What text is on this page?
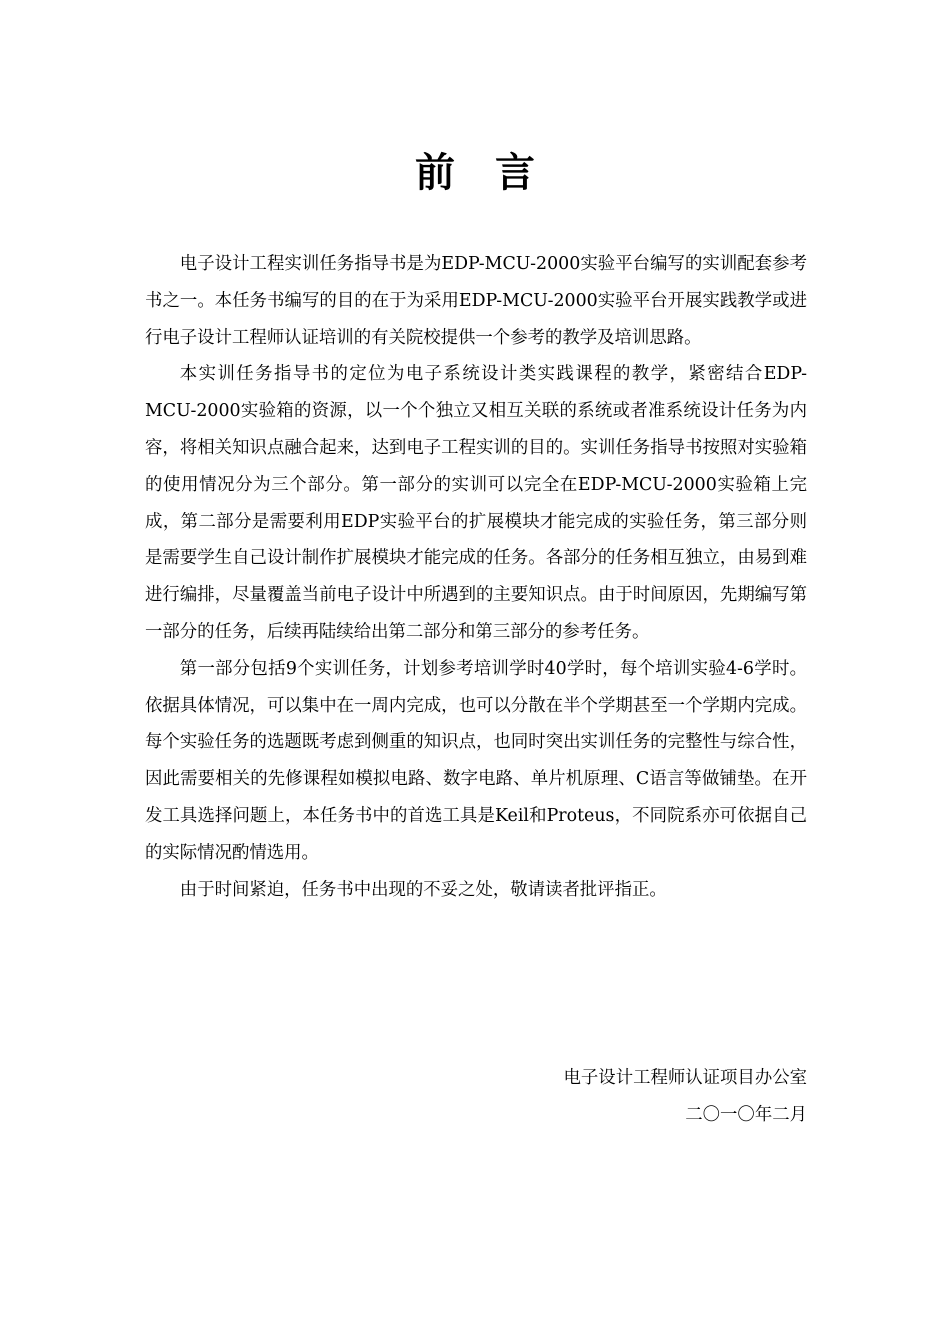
前言

电子设计工程实训任务指导书是为EDP-MCU-2000实验平台编写的实训配套参考书之一。本任务书编写的目的在于为采用EDP-MCU-2000实验平台开展实践教学或进行电子设计工程师认证培训的有关院校提供一个参考的教学及培训思路。

本实训任务指导书的定位为电子系统设计类实践课程的教学，紧密结合EDP-MCU-2000实验箱的资源，以一个个独立又相互关联的系统或者准系统设计任务为内容，将相关知识点融合起来，达到电子工程实训的目的。实训任务指导书按照对实验箱的使用情况分为三个部分。第一部分的实训可以完全在EDP-MCU-2000实验箱上完成，第二部分是需要利用EDP实验平台的扩展模块才能完成的实验任务，第三部分则是需要学生自己设计制作扩展模块才能完成的任务。各部分的任务相互独立，由易到难进行编排，尽量覆盖当前电子设计中所遇到的主要知识点。由于时间原因，先期编写第一部分的任务，后续再陆续给出第二部分和第三部分的参考任务。

第一部分包括9个实训任务，计划参考培训学时40学时，每个培训实验4-6学时。依据具体情况，可以集中在一周内完成，也可以分散在半个学期甚至一个学期内完成。每个实验任务的选题既考虑到侧重的知识点，也同时突出实训任务的完整性与综合性，因此需要相关的先修课程如模拟电路、数字电路、单片机原理、C语言等做铺垫。在开发工具选择问题上，本任务书中的首选工具是Keil和Proteus，不同院系亦可依据自己的实际情况酌情选用。

由于时间紧迫，任务书中出现的不妥之处，敬请读者批评指正。

电子设计工程师认证项目办公室
二〇一〇年二月
